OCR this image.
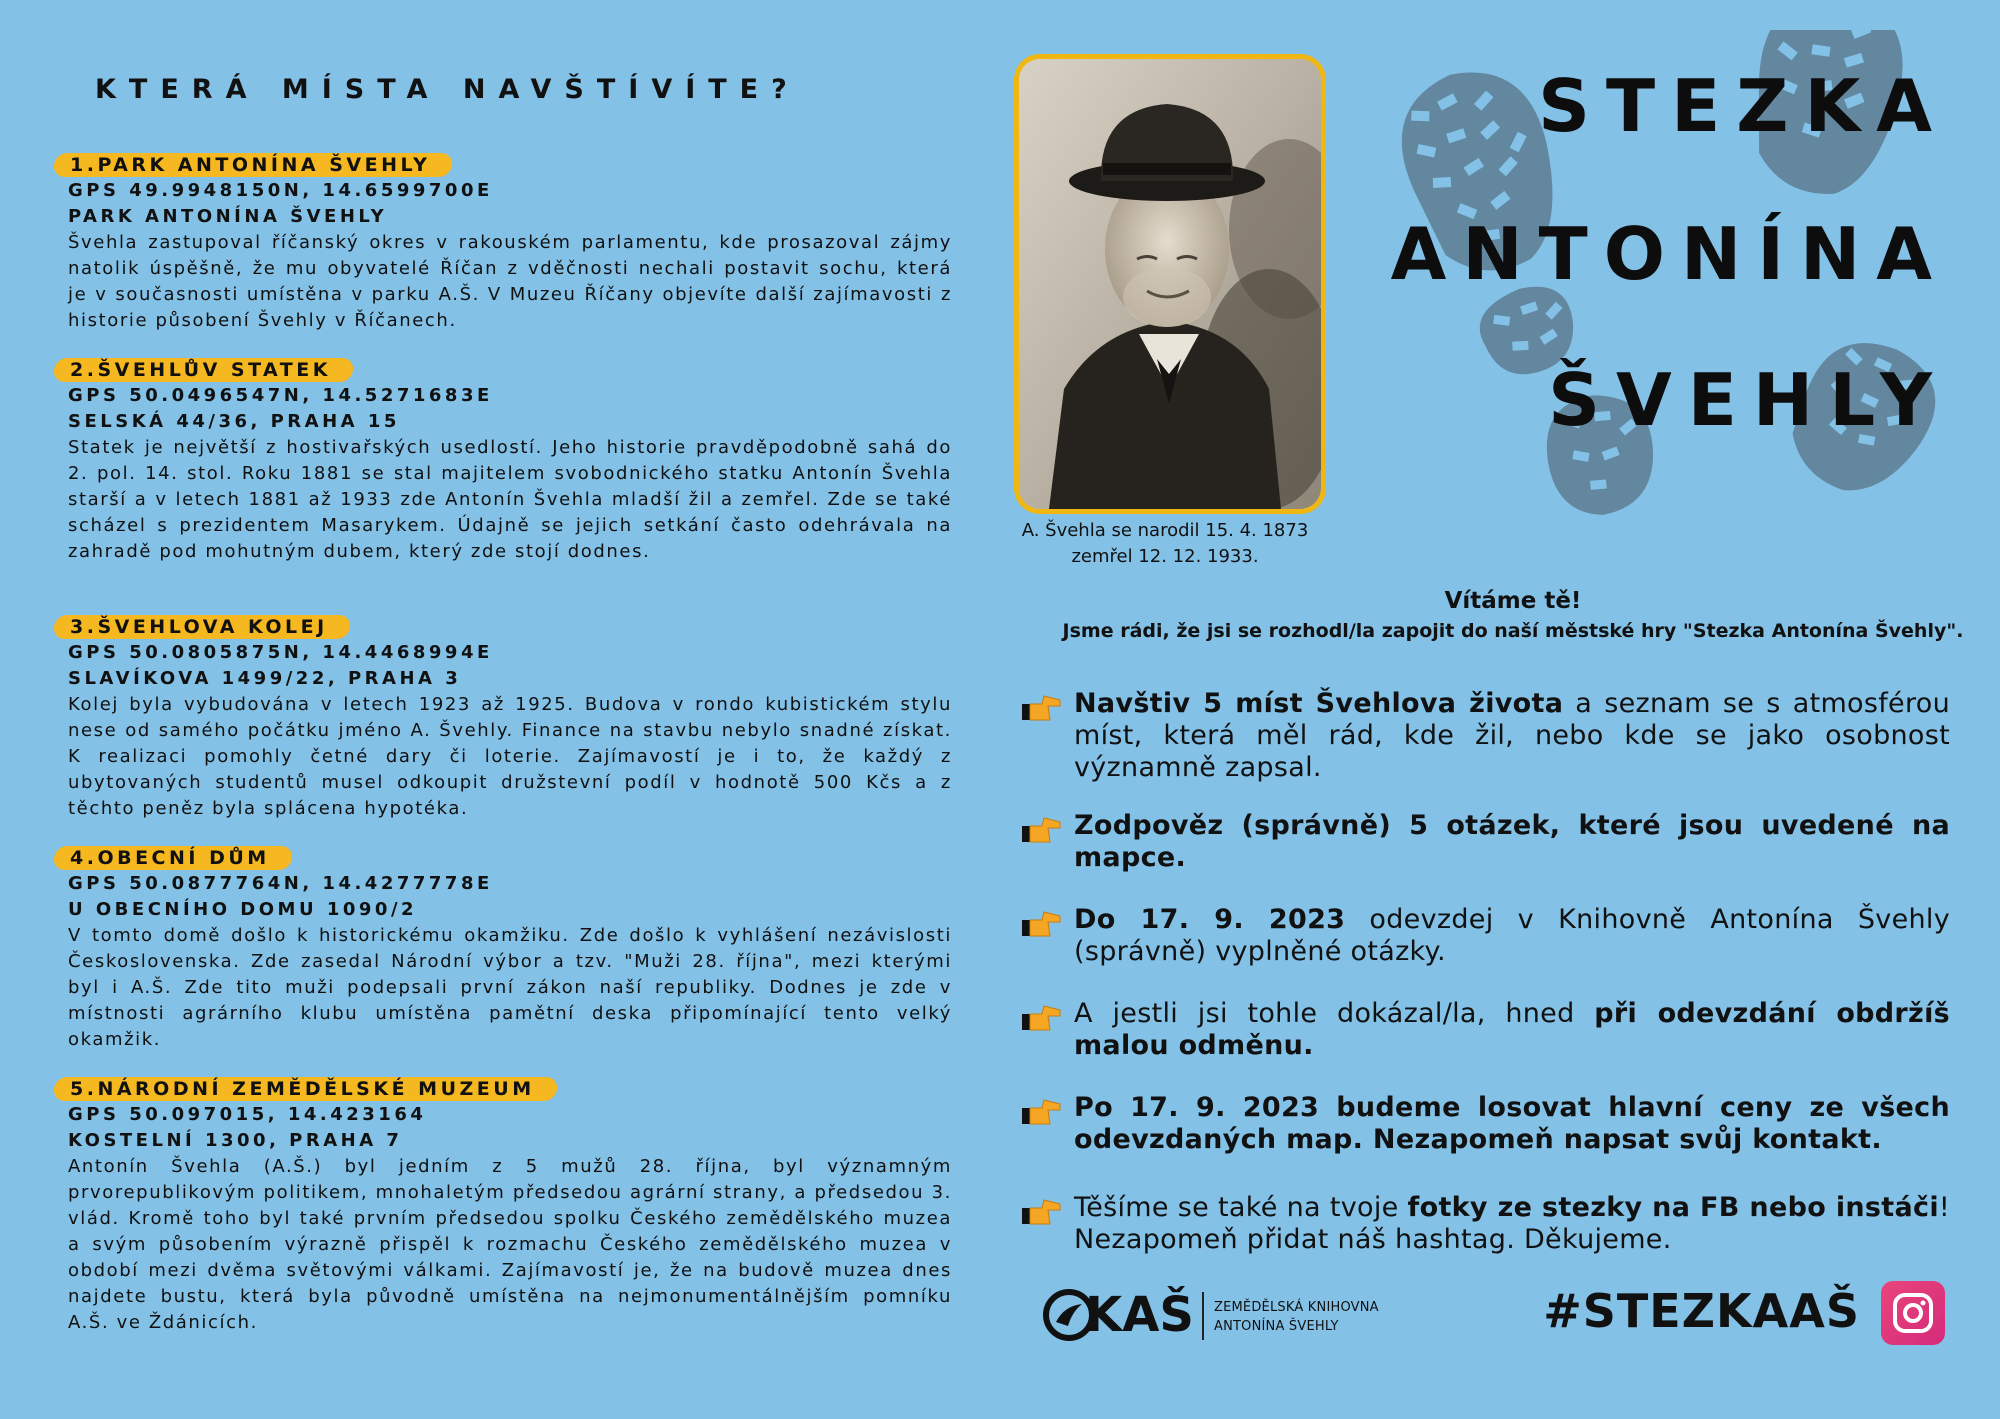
KTERÁ MÍSTA NAVŠTÍVÍTE?
1.PARK ANTONÍNA ŠVEHLY
GPS 49.9948150N, 14.6599700E
PARK ANTONÍNA ŠVEHLY
Švehla zastupoval říčanský okres v rakouském parlamentu, kde prosazoval zájmy natolik úspěšně, že mu obyvatelé Říčan z vděčnosti nechali postavit sochu, která je v současnosti umístěna v parku A.Š. V Muzeu Říčany objevíte další zajímavosti z historie působení Švehly v Říčanech.
2.ŠVEHLŮV STATEK
GPS 50.0496547N, 14.5271683E
SELSKÁ 44/36, PRAHA 15
Statek je největší z hostivařských usedlostí. Jeho historie pravděpodobně sahá do 2. pol. 14. stol. Roku 1881 se stal majitelem svobodnického statku Antonín Švehla starší a v letech 1881 až 1933 zde Antonín Švehla mladší žil a zemřel. Zde se také scházel s prezidentem Masarykem. Údajně se jejich setkání často odehrávala na zahradě pod mohutným dubem, který zde stojí dodnes.
3.ŠVEHLOVA KOLEJ
GPS 50.0805875N, 14.4468994E
SLAVÍKOVA 1499/22, PRAHA 3
Kolej byla vybudována v letech 1923 až 1925. Budova v rondo kubistickém stylu nese od samého počátku jméno A. Švehly. Finance na stavbu nebylo snadné získat. K realizaci pomohly četné dary či loterie. Zajímavostí je i to, že každý z ubytovaných studentů musel odkoupit družstevní podíl v hodnotě 500 Kčs a z těchto peněz byla splácena hypotéka.
4.OBECNÍ DŮM
GPS 50.0877764N, 14.4277778E
U OBECNÍHO DOMU 1090/2
V tomto domě došlo k historickému okamžiku. Zde došlo k vyhlášení nezávislosti Československa. Zde zasedal Národní výbor a tzv. "Muži 28. října", mezi kterými byl i A.Š. Zde tito muži podepsali první zákon naší republiky. Dodnes je zde v místnosti agrárního klubu umístěna pamětní deska připomínající tento velký okamžik.
5.NÁRODNÍ ZEMĚDĚLSKÉ MUZEUM
GPS 50.097015, 14.423164
KOSTELNÍ 1300, PRAHA 7
Antonín Švehla (A.Š.) byl jedním z 5 mužů 28. října, byl významným prvorepublikovým politikem, mnohaletým předsedou agrární strany, a předsedou 3. vlád. Kromě toho byl také prvním předsedou spolku Českého zemědělského muzea a svým působením výrazně přispěl k rozmachu Českého zemědělského muzea v období mezi dvěma světovými válkami. Zajímavostí je, že na budově muzea dnes najdete bustu, která byla původně umístěna na nejmonumentálnějším pomníku A.Š. ve Ždánicích.
A. Švehla se narodil 15. 4. 1873
zemřel 12. 12. 1933.
STEZKA
ANTONÍNA
ŠVEHLY
Vítáme tě!
Jsme rádi, že jsi se rozhodl/la zapojit do naší městské hry "Stezka Antonína Švehly".
Navštiv 5 míst Švehlova života a seznam se s atmosférou míst, která měl rád, kde žil, nebo kde se jako osobnost významně zapsal.
Zodpověz (správně) 5 otázek, které jsou uvedené na mapce.
Do 17. 9. 2023 odevzdej v Knihovně Antonína Švehly (správně) vyplněné otázky.
A jestli jsi tohle dokázal/la, hned při odevzdání obdržíš malou odměnu.
Po 17. 9. 2023 budeme losovat hlavní ceny ze všech odevzdaných map. Nezapomeň napsat svůj kontakt.
Těšíme se také na tvoje fotky ze stezky na FB nebo instáči! Nezapomeň přidat náš hashtag. Děkujeme.
KAŠ ZEMĚDĚLSKÁ KNIHOVNA
ANTONÍNA ŠVEHLY	#STEZKAAŠ
